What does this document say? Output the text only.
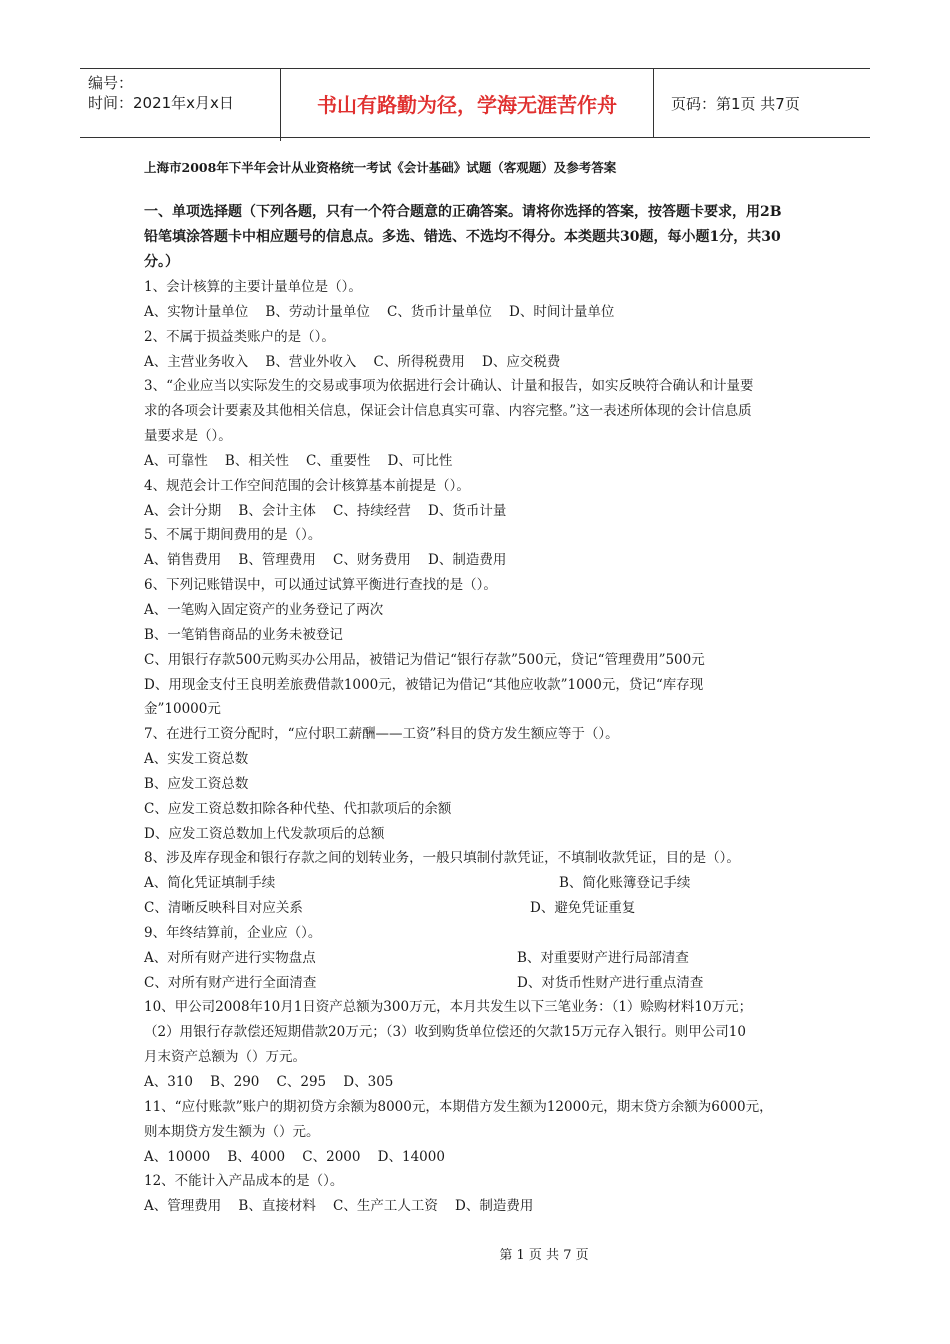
编号：
时间：2021年x月x日	书山有路勤为径，学海无涯苦作舟	页码：第1页 共7页
上海市2008年下半年会计从业资格统一考试《会计基础》试题（客观题）及参考答案
一、单项选择题（下列各题，只有一个符合题意的正确答案。请将你选择的答案，按答题卡要求，用2B
铅笔填涂答题卡中相应题号的信息点。多选、错选、不选均不得分。本类题共30题，每小题1分，共30
分。）
1、会计核算的主要计量单位是（）。
A、实物计量单位    B、劳动计量单位    C、货币计量单位    D、时间计量单位
2、不属于损益类账户的是（）。
A、主营业务收入    B、营业外收入    C、所得税费用    D、应交税费
3、“企业应当以实际发生的交易或事项为依据进行会计确认、计量和报告，如实反映符合确认和计量要
求的各项会计要素及其他相关信息，保证会计信息真实可靠、内容完整。”这一表述所体现的会计信息质
量要求是（）。
A、可靠性    B、相关性    C、重要性    D、可比性
4、规范会计工作空间范围的会计核算基本前提是（）。
A、会计分期    B、会计主体    C、持续经营    D、货币计量
5、不属于期间费用的是（）。
A、销售费用    B、管理费用    C、财务费用    D、制造费用
6、下列记账错误中，可以通过试算平衡进行查找的是（）。
A、一笔购入固定资产的业务登记了两次
B、一笔销售商品的业务未被登记
C、用银行存款500元购买办公用品，被错记为借记“银行存款”500元，贷记“管理费用”500元
D、用现金支付王良明差旅费借款1000元，被错记为借记“其他应收款”1000元，贷记“库存现
金”10000元
7、在进行工资分配时，“应付职工薪酬——工资”科目的贷方发生额应等于（）。
A、实发工资总数
B、应发工资总数
C、应发工资总数扣除各种代垫、代扣款项后的余额
D、应发工资总数加上代发款项后的总额
8、涉及库存现金和银行存款之间的划转业务，一般只填制付款凭证，不填制收款凭证，目的是（）。
A、简化凭证填制手续	B、简化账簿登记手续
C、清晰反映科目对应关系	D、避免凭证重复
9、年终结算前，企业应（）。
A、对所有财产进行实物盘点	B、对重要财产进行局部清查
C、对所有财产进行全面清查	D、对货币性财产进行重点清查
10、甲公司2008年10月1日资产总额为300万元，本月共发生以下三笔业务：（1）赊购材料10万元；
（2）用银行存款偿还短期借款20万元；（3）收到购货单位偿还的欠款15万元存入银行。则甲公司10
月末资产总额为（）万元。
A、310    B、290    C、295    D、305
11、“应付账款”账户的期初贷方余额为8000元，本期借方发生额为12000元，期末贷方余额为6000元，
则本期贷方发生额为（）元。
A、10000    B、4000    C、2000    D、14000
12、不能计入产品成本的是（）。
A、管理费用    B、直接材料    C、生产工人工资    D、制造费用
第 1 页 共 7 页
